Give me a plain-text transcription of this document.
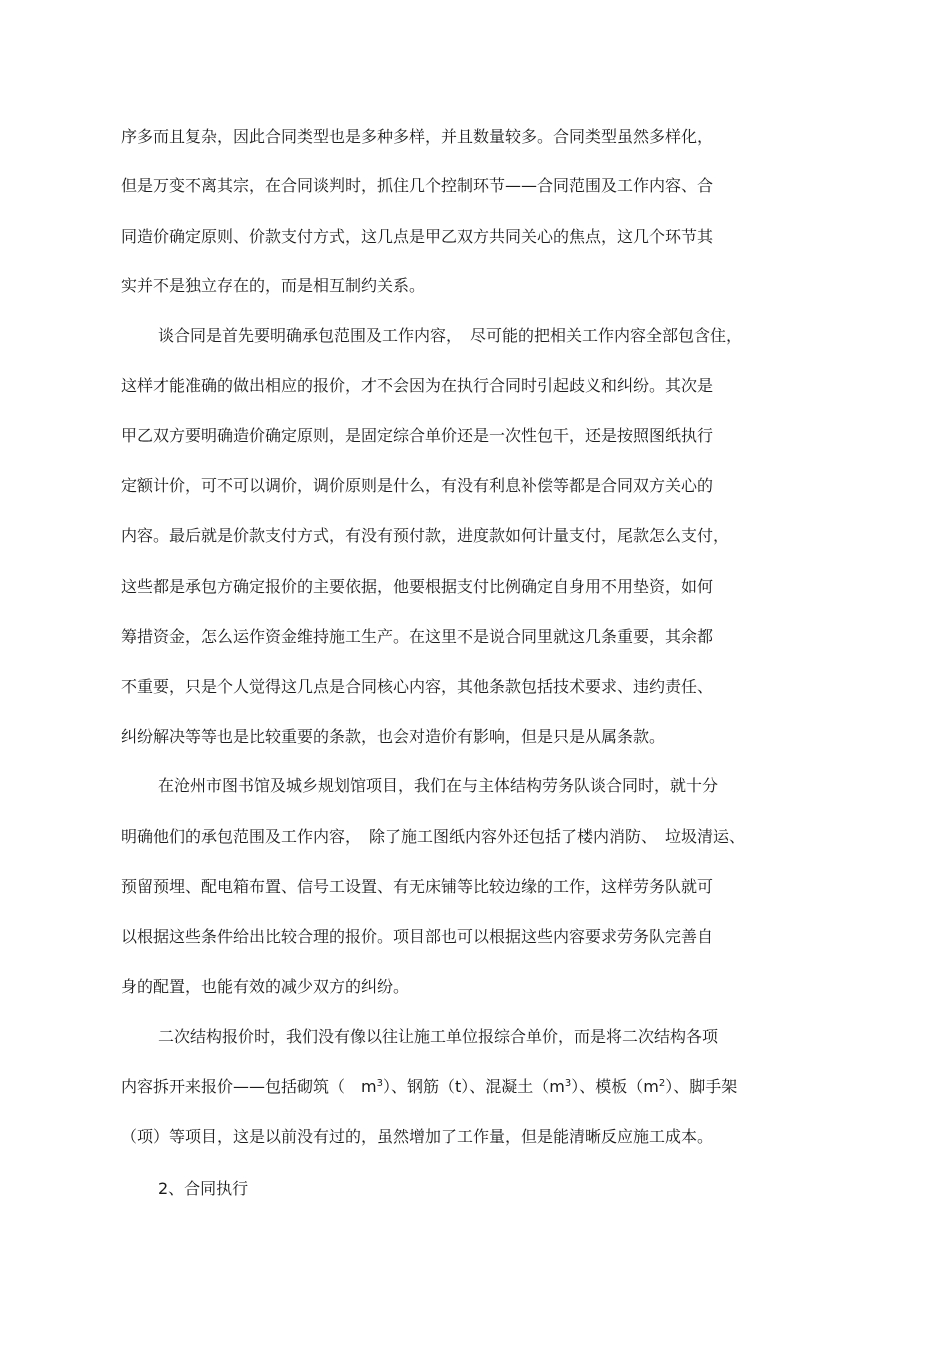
序多而且复杂，因此合同类型也是多种多样，并且数量较多。合同类型虽然多样化，
但是万变不离其宗，在合同谈判时，抓住几个控制环节——合同范围及工作内容、合
同造价确定原则、价款支付方式，这几点是甲乙双方共同关心的焦点，这几个环节其
实并不是独立存在的，而是相互制约关系。
谈合同是首先要明确承包范围及工作内容，　尽可能的把相关工作内容全部包含住，
这样才能准确的做出相应的报价，才不会因为在执行合同时引起歧义和纠纷。其次是
甲乙双方要明确造价确定原则，是固定综合单价还是一次性包干，还是按照图纸执行
定额计价，可不可以调价，调价原则是什么，有没有利息补偿等都是合同双方关心的
内容。最后就是价款支付方式，有没有预付款，进度款如何计量支付，尾款怎么支付，
这些都是承包方确定报价的主要依据，他要根据支付比例确定自身用不用垫资，如何
筹措资金，怎么运作资金维持施工生产。在这里不是说合同里就这几条重要，其余都
不重要，只是个人觉得这几点是合同核心内容，其他条款包括技术要求、违约责任、
纠纷解决等等也是比较重要的条款，也会对造价有影响，但是只是从属条款。
在沧州市图书馆及城乡规划馆项目，我们在与主体结构劳务队谈合同时，就十分
明确他们的承包范围及工作内容，　除了施工图纸内容外还包括了楼内消防、　垃圾清运、
预留预埋、配电箱布置、信号工设置、有无床铺等比较边缘的工作，这样劳务队就可
以根据这些条件给出比较合理的报价。项目部也可以根据这些内容要求劳务队完善自
身的配置，也能有效的减少双方的纠纷。
二次结构报价时，我们没有像以往让施工单位报综合单价，而是将二次结构各项
内容拆开来报价——包括砌筑（　$m^3$）、钢筋（t）、混凝土$(m^3)$、模板$(m^2)$、脚手架
（项）等项目，这是以前没有过的，虽然增加了工作量，但是能清晰反应施工成本。
2、合同执行
